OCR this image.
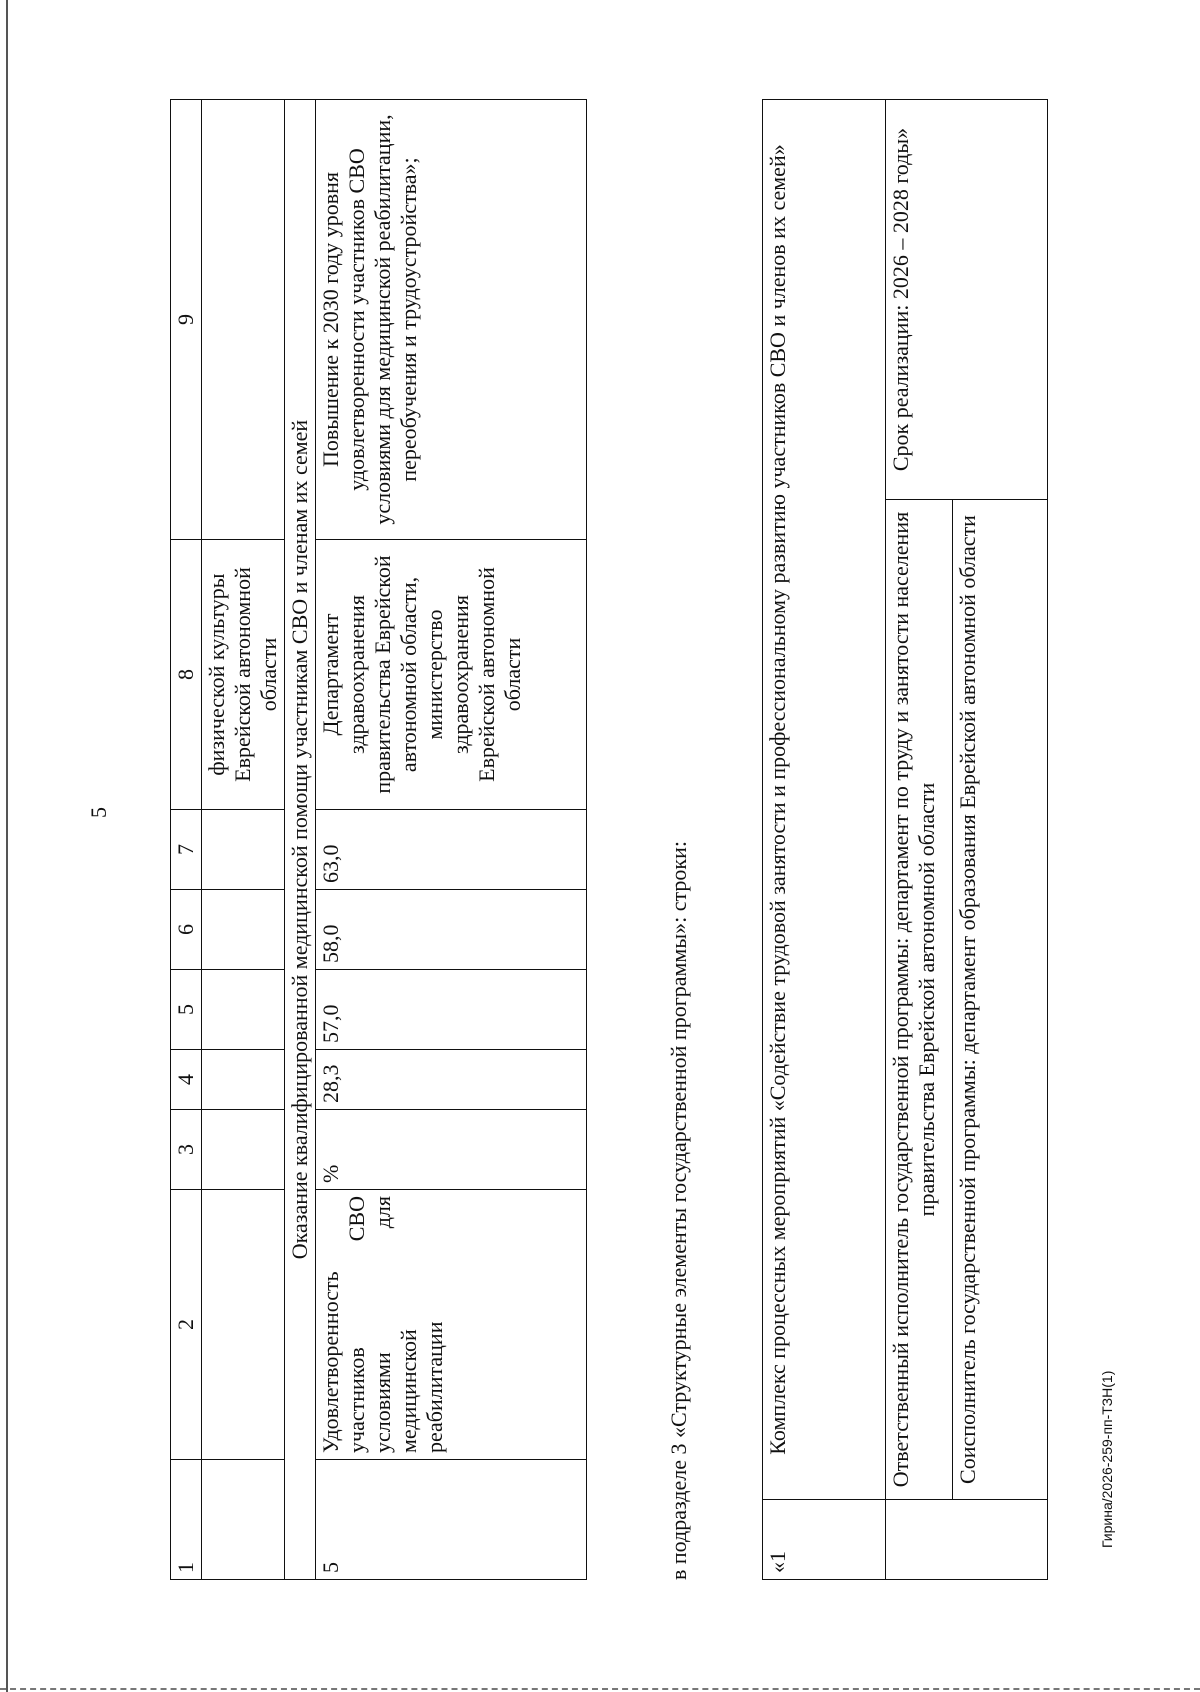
5
1	2	3	4	5	6	7	8	9
							физической культуры Еврейской автономной области	
Оказание квалифицированной медицинской помощи участникам СВО и членам их семей								
5	Удовлетворенность участников СВО условиями для медицинской реабилитации	%	28,3	57,0	58,0	63,0	Департамент здравоохранения правительства Еврейской автономной области, министерство здравоохранения Еврейской автономной области	Повышение к 2030 году уровня удовлетворенности участников СВО условиями для медицинской реабилитации, переобучения и трудоустройства»;

в подразделе 3 «Структурные элементы государственной программы»: строки:	«1	Комплекс процессных мероприятий «Содействие трудовой занятости и профессиональному развитию участников СВО и членов их семей»	
	Ответственный исполнитель государственной программы: департамент по труду и занятости населения правительства Еврейской автономной области	Срок реализации: 2026 – 2028 годы»
	Соисполнитель государственной программы: департамент образования Еврейской автономной области		Гирина/2026-259-пп-ТЗН(1)
